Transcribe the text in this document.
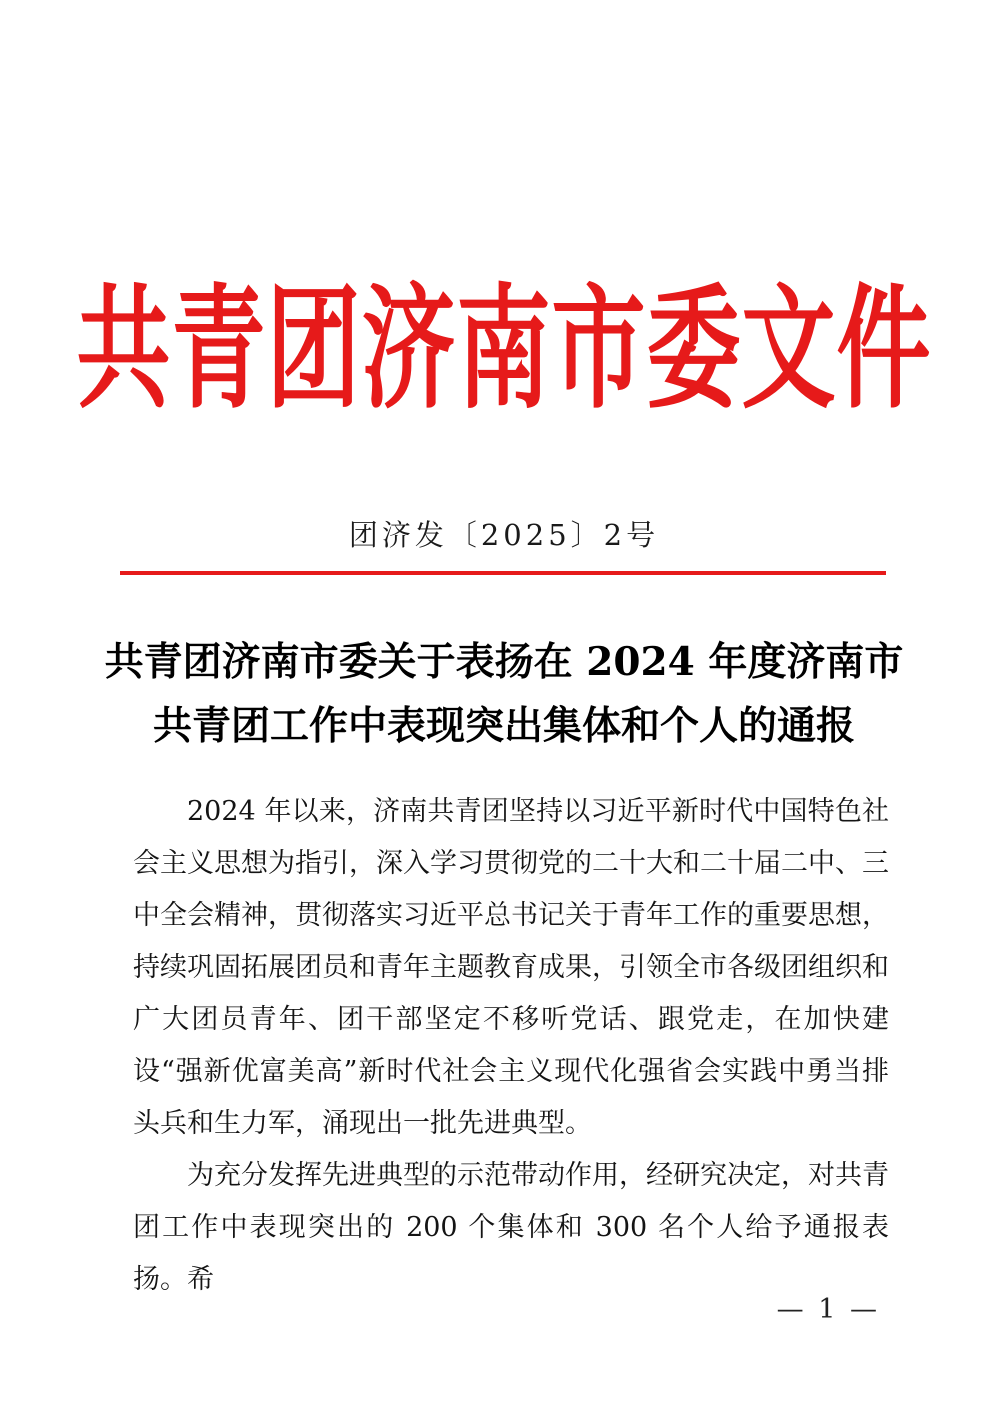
共青团济南市委文件
团济发〔2025〕2号
共青团济南市委关于表扬在 2024 年度济南市
共青团工作中表现突出集体和个人的通报

2024 年以来，济南共青团坚持以习近平新时代中国特色社会主义思想为指引，深入学习贯彻党的二十大和二十届二中、三中全会精神，贯彻落实习近平总书记关于青年工作的重要思想，持续巩固拓展团员和青年主题教育成果，引领全市各级团组织和广大团员青年、团干部坚定不移听党话、跟党走，在加快建设“强新优富美高”新时代社会主义现代化强省会实践中勇当排头兵和生力军，涌现出一批先进典型。

为充分发挥先进典型的示范带动作用，经研究决定，对共青团工作中表现突出的 200 个集体和 300 名个人给予通报表扬。希

— 1 —
